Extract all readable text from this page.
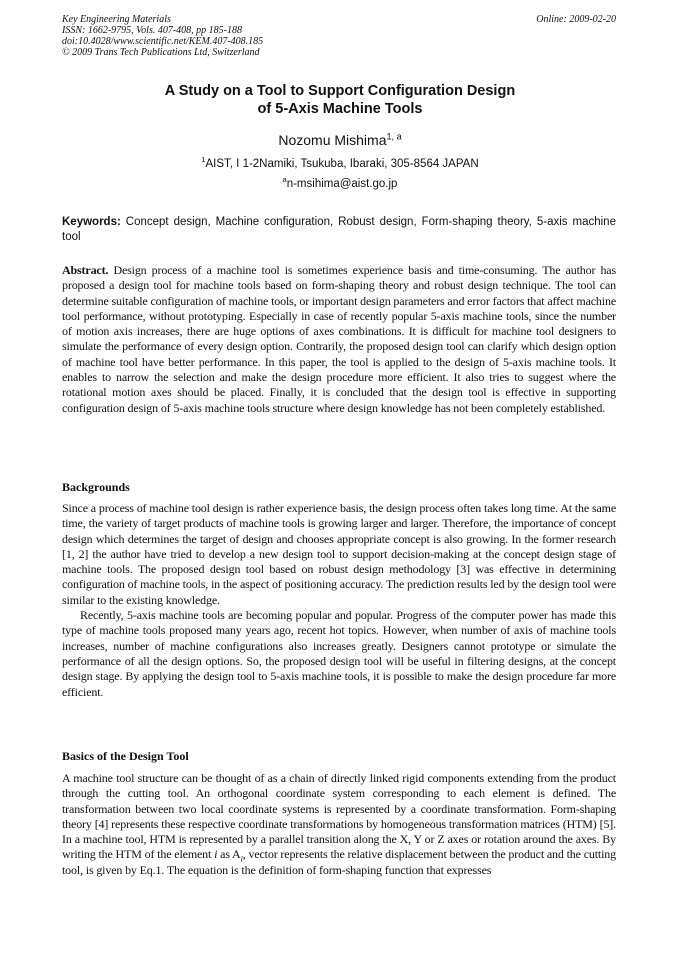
Key Engineering Materials
ISSN: 1662-9795, Vols. 407-408, pp 185-188
doi:10.4028/www.scientific.net/KEM.407-408.185
© 2009 Trans Tech Publications Ltd, Switzerland
Online: 2009-02-20
A Study on a Tool to Support Configuration Design
of 5-Axis Machine Tools
Nozomu Mishima$^{1, a}$
$^1$AIST, I 1-2Namiki, Tsukuba, Ibaraki, 305-8564 JAPAN
$^a$n-msihima@aist.go.jp
Keywords: Concept design, Machine configuration, Robust design, Form-shaping theory, 5-axis machine tool
Abstract. Design process of a machine tool is sometimes experience basis and time-consuming. The author has proposed a design tool for machine tools based on form-shaping theory and robust design technique. The tool can determine suitable configuration of machine tools, or important design parameters and error factors that affect machine tool performance, without prototyping. Especially in case of recently popular 5-axis machine tools, since the number of motion axis increases, there are huge options of axes combinations. It is difficult for machine tool designers to simulate the performance of every design option. Contrarily, the proposed design tool can clarify which design option of machine tool have better performance. In this paper, the tool is applied to the design of 5-axis machine tools. It enables to narrow the selection and make the design procedure more efficient. It also tries to suggest where the rotational motion axes should be placed. Finally, it is concluded that the design tool is effective in supporting configuration design of 5-axis machine tools structure where design knowledge has not been completely established.
Backgrounds

Since a process of machine tool design is rather experience basis, the design process often takes long time. At the same time, the variety of target products of machine tools is growing larger and larger. Therefore, the importance of concept design which determines the target of design and chooses appropriate concept is also growing. In the former research [1, 2] the author have tried to develop a new design tool to support decision-making at the concept design stage of machine tools. The proposed design tool based on robust design methodology [3] was effective in determining configuration of machine tools, in the aspect of positioning accuracy. The prediction results led by the design tool were similar to the existing knowledge.

Recently, 5-axis machine tools are becoming popular and popular. Progress of the computer power has made this type of machine tools proposed many years ago, recent hot topics. However, when number of axis of machine tools increases, number of machine configurations also increases greatly. Designers cannot prototype or simulate the performance of all the design options. So, the proposed design tool will be useful in filtering designs, at the concept design stage. By applying the design tool to 5-axis machine tools, it is possible to make the design procedure far more efficient.

Basics of the Design Tool

A machine tool structure can be thought of as a chain of directly linked rigid components extending from the product through the cutting tool. An orthogonal coordinate system corresponding to each element is defined. The transformation between two local coordinate systems is represented by a coordinate transformation. Form-shaping theory [4] represents these respective coordinate transformations by homogeneous transformation matrices (HTM) [5]. In a machine tool, HTM is represented by a parallel transition along the X, Y or Z axes or rotation around the axes. By writing the HTM of the element i as $A_i$, vector represents the relative displacement between the product and the cutting tool, is given by Eq.1. The equation is the definition of form-shaping function that expresses
